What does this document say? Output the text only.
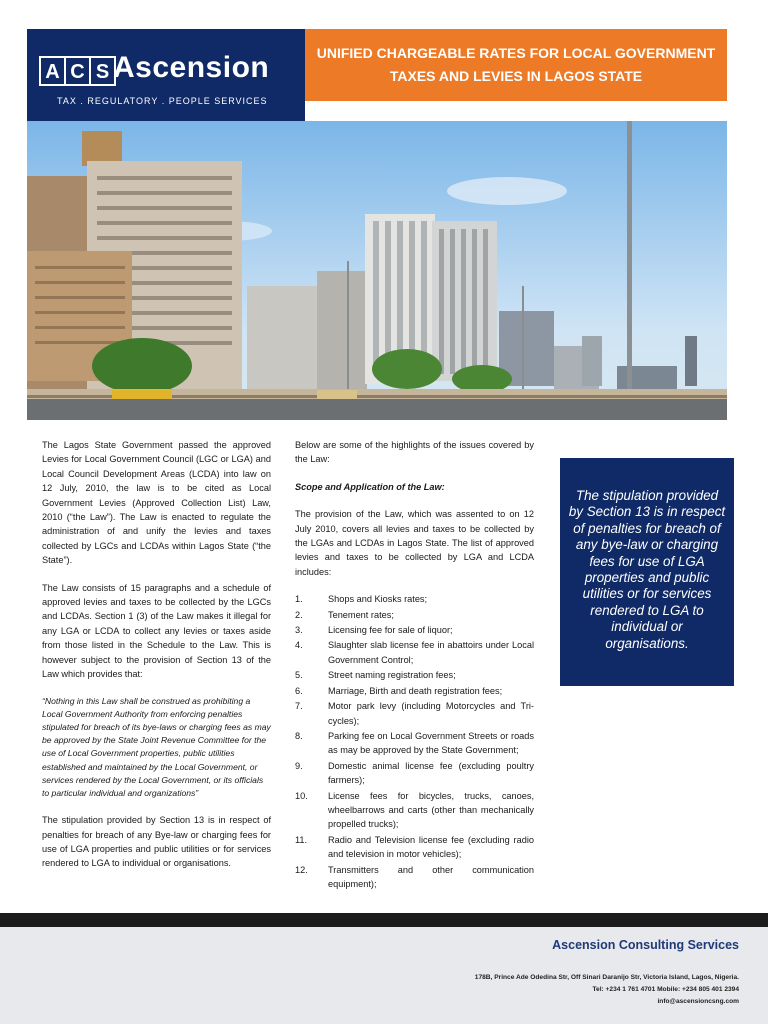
A C S Ascension
TAX . REGULATORY . PEOPLE SERVICES
UNIFIED CHARGEABLE RATES FOR LOCAL GOVERNMENT TAXES AND LEVIES IN LAGOS STATE

The Lagos State Government passed the approved Levies for Local Government Council (LGC or LGA) and Local Council Development Areas (LCDA) into law on 12 July, 2010, the law is to be cited as Local Government Levies (Approved Collection List) Law, 2010 (“the Law”). The Law is enacted to regulate the administration of and unify the levies and taxes collected by LGCs and LCDAs within Lagos State (“the State”).

The Law consists of 15 paragraphs and a schedule of approved levies and taxes to be collected by the LGCs and LCDAs. Section 1 (3) of the Law makes it illegal for any LGA or LCDA to collect any levies or taxes aside from those listed in the Schedule to the Law. This is however subject to the provision of Section 13 of the Law which provides that:

“Nothing in this Law shall be construed as prohibiting a Local Government Authority from enforcing penalties stipulated for breach of its bye-laws or charging fees as may be approved by the State Joint Revenue Committee for the use of Local Government properties, public utilities established and maintained by the Local Government, or services rendered by the Local Government, or its officials to particular individual and organizations”

The stipulation provided by Section 13 is in respect of penalties for breach of any Bye-law or charging fees for use of LGA properties and public utilities or for services rendered to LGA to individual or organisations.

Below are some of the highlights of the issues covered by the Law:

Scope and Application of the Law:

The provision of the Law, which was assented to on 12 July 2010, covers all levies and taxes to be collected by the LGAs and LCDAs in Lagos State. The list of approved levies and taxes to be collected by LGA and LCDA includes:

1.	Shops and Kiosks rates;
2.	Tenement rates;
3.	Licensing fee for sale of liquor;
4.	Slaughter slab license fee in abattoirs under Local Government Control;
5.	Street naming registration fees;
6.	Marriage, Birth and death registration fees;
7.	Motor park levy (including Motorcycles and Tri-cycles);
8.	Parking fee on Local Government Streets or roads as may be approved by the State Government;
9.	Domestic animal license fee (excluding poultry farmers);
10.	License fees for bicycles, trucks, canoes, wheelbarrows and carts (other than mechanically propelled trucks);
11.	Radio and Television license fee (excluding radio and television in motor vehicles);
12.	Transmitters and other communication equipment);
The stipulation provided by Section 13 is in respect of penalties for breach of any bye-law or charging fees for use of LGA properties and public utilities or for services rendered to LGA to individual or organisations.
Ascension Consulting Services
178B, Prince Ade Odedina Str, Off Sinari Daranijo Str, Victoria Island, Lagos, Nigeria.
Tel: +234 1 761 4701 Mobile: +234 805 401 2394
info@ascensioncsng.com
